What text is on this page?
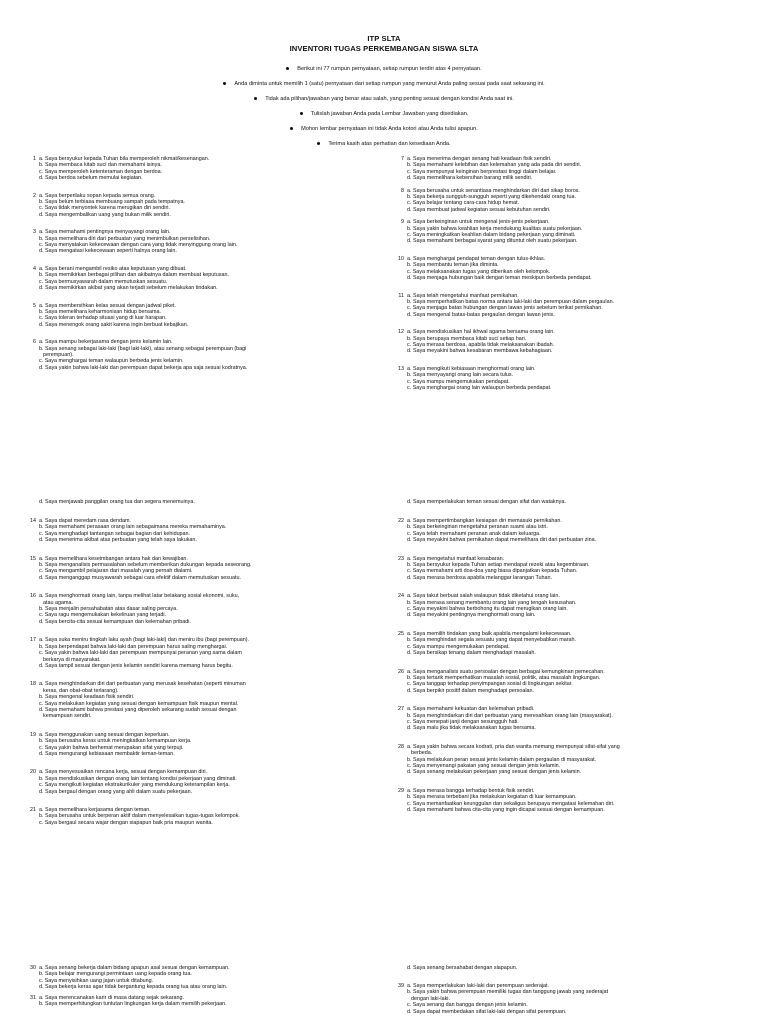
ITP SLTA
INVENTORI TUGAS PERKEMBANGAN SISWA SLTA
Berikut ini 77 rumpun pernyataan, setiap rumpun terdiri atas 4 pernyataan.
Anda diminta untuk memilih 1 (satu) pernyataan dari setiap rumpun yang menurut Anda paling sesuai pada saat sekarang ini.
Tidak ada pilihan/jawaban yang benar atau salah, yang penting sesuai dengan kondisi Anda saat ini.
Tulislah jawaban Anda pada Lembar Jawaban yang disediakan.
Mohon lembar pernyataan ini tidak Anda kotori atau Anda tulisi apapun.
Terima kasih atas perhatian dan kesediaan Anda.
1 a. Saya bersyukur kepada Tuhan bila memperoleh nikmat/kesenangan.
b. Saya membaca kitab suci dan memahami isinya.
c. Saya memperoleh ketenteraman dengan berdoa.
d. Saya berdoa sebelum memulai kegiatan.
2 a. Saya berperilaku sopan kepada semua orang.
b. Saya belum terbiasa membuang sampah pada tempatnya.
c. Saya tidak menyontek karena merugikan diri sendiri.
d. Saya mengembalikan uang yang bukan milik sendiri.
3 a. Saya memahami pentingnya menyayangi orang lain.
b. Saya memelihara diri dari perbuatan yang menimbulkan perselisihan.
c. Saya menyatakan kekecewaan dengan cara yang tidak menyinggung orang lain.
d. Saya mengatasi kekecewaan seperti halnya orang lain.
4 a. Saya berani mengambil resiko atas keputusan yang dibuat.
b. Saya memikirkan berbagai pilihan dan akibatnya dalam membuat keputusan.
c. Saya bermusyawarah dalam memutuskan sesuatu.
d. Saya memikirkan akibat yang akan terjadi sebelum melakukan tindakan.
5 a. Saya membersihkan kelas sesuai dengan jadwal piket.
b. Saya memelihara keharmonisan hidup bersama.
c. Saya toleran terhadap situasi yang di luar harapan.
d. Saya menengok orang sakit karena ingin berbuat kebajikan.
6 a. Saya mampu bekerjasama dengan jenis kelamin lain.
b. Saya senang sebagai laki-laki (bagi laki-laki), atau senang sebagai perempuan (bagi
perempuan).
c. Saya menghargai teman walaupun berbeda jenis kelamin.
d. Saya yakin bahwa laki-laki dan perempuan dapat bekerja apa saja sesuai kodratnya.
7 a. Saya menerima dengan senang hati keadaan fisik sendiri.
b. Saya memahami kelebihan dan kelemahan yang ada pada diri sendiri.
c. Saya mempunyai keinginan berprestasi tinggi dalam belajar.
d. Saya memelihara kebersihan barang milik sendiri.
8 a. Saya berusaha untuk senantiasa menghindarkan diri dari sikap boros.
b. Saya bekerja sungguh-sungguh seperti yang dikehendaki orang tua.
c. Saya belajar tentang cara-cara hidup hemat.
d. Saya membuat jadwal kegiatan sesuai kebutuhan sendiri.
9 a. Saya berkeinginan untuk mengenal jenis-jenis pekerjaan.
b. Saya yakin bahwa keahlian kerja mendukung kualitas suatu pekerjaan.
c. Saya meningkatkan keahlian dalam bidang pekerjaan yang diminati.
d. Saya memahami berbagai syarat yang dituntut oleh suatu pekerjaan.
10 a. Saya menghargai pendapat teman dengan tulus-ikhlas.
b. Saya membantu teman jika diminta.
c. Saya melaksanakan tugas yang diberikan oleh kelompok.
d. Saya menjaga hubungan baik dengan teman meskipun berbeda pendapat.
11 a. Saya telah mengetahui manfaat pernikahan.
b. Saya memperhatikan batas norma antara laki-laki dan perempuan dalam pergaulan.
c. Saya menjaga batas hubungan dengan lawan jenis sebelum terikat pernikahan.
d. Saya mengenal batas-batas pergaulan dengan lawan jenis.
12 a. Saya mendiskusikan hal ikhwal agama bersama orang lain.
b. Saya berupaya membaca kitab suci setiap hari.
c. Saya merasa berdosa, apabila tidak melaksanakan ibadah.
d. Saya meyakini bahwa kesabaran membawa kebahagiaan.
13 a. Saya mengikuti kebiasaan menghormati orang lain.
b. Saya menyayangi orang lain secara tulus.
c. Saya mampu mengemukakan pendapat.
c. Saya menghargai orang lain walaupun berbeda pendapat.
d. Saya menjawab panggilan orang tua dan segera menemuinya.	d. Saya memperlakukan teman sesuai dengan sifat dan wataknya.
14 a. Saya dapat meredam rasa dendam.
b. Saya memahami perasaan orang lain sebagaimana mereka memahaminya.
c. Saya menghadapi tantangan sebagai bagian dari kehidupan.
d. Saya menerima akibat atas perbuatan yang telah saya lakukan.
15 a. Saya memelihara keseimbangan antara hak dan kewajiban.
b. Saya menganalisis permasalahan sebelum memberikan dukungan kepada seseorang.
c. Saya mengambil pelajaran dari masalah yang pernah dialami.
d. Saya menganggap musyawarah sebagai cara efektif dalam memutuskan sesuatu.
16 a. Saya menghormati orang lain, tanpa melihat latar belakang sosial ekonomi, suku,
atau agama.
b. Saya menjalin persahabatan atas dasar saling percaya.
c. Saya ragu mengemukakan kekeliruan yang terjadi.
d. Saya bercita-cita sesuai kemampuan dan kelemahan pribadi.
17 a. Saya suka meniru tingkah laku ayah (bagi laki-laki) dan meniru ibu (bagi perempuan).
b. Saya berpendapat bahwa laki-laki dan perempuan harus saling menghargai.
c. Saya yakin bahwa laki-laki dan perempuan mempunyai peranan yang sama dalam
berkarya di masyarakat.
d. Saya tampil sesuai dengan jenis kelamin sendiri karena memang harus begitu.
18 a. Saya menghindarkan diri dari perbuatan yang merusak kesehatan (seperti minuman
keras, dan obat-obat terlarang).
b. Saya mengenal keadaan fisik sendiri.
c. Saya melakukan kegiatan yang sesuai dengan kemampuan fisik maupun mental.
d. Saya memahami bahwa prestasi yang diperoleh sekarang sudah sesuai dengan
kemampuan sendiri.
19 a. Saya menggunakan uang sesuai dengan keperluan.
b. Saya berusaha keras untuk meningkatkan kemampuan kerja.
c. Saya yakin bahwa berhemat merupakan sifat yang terpuji.
d. Saya mengurangi kebiasaan membaktir teman-teman.
20 a. Saya menyesuaikan rencana kerja, sesuai dengan kemampuan diri.
b. Saya mendiskusikan dengan orang lain tentang kondisi pekerjaan yang diminati.
c. Saya mengikuti kegiatan ekstrakurikuler yang mendukung keterampilan kerja.
d. Saya bergaul dengan orang yang ahli dalam suatu pekerjaan.
21 a. Saya memelihara kerjasama dengan teman.
b. Saya berusaha untuk berperan aktif dalam menyelesaikan tugas-tugas kelompok.
c. Saya bergaul secara wajar dengan siapapun baik pria maupun wanita.
22 a. Saya mempertimbangkan kesiapan diri memasuki pernikahan.
b. Saya berkeinginan mengetahui peranan suami atau istri.
c. Saya telah memahami peranan anak dalam keluarga.
d. Saya meyakini bahwa pernikahan dapat memelihara diri dari perbuatan zina.
23 a. Saya mengetahui manfaat kesabaran.
b. Saya bersyukur kepada Tuhan setiap mendapat rezeki atau kegembiraan.
c. Saya memahami arti doa-doa yang biasa dipanjatkan kepada Tuhan.
d. Saya merasa berdosa apabila melanggar larangan Tuhan.
24 a. Saya takut berbuat salah walaupun tidak diketahui orang lain.
b. Saya merasa senang membantu orang lain yang tengah kesusahan.
c. Saya meyakini bahwa berbohong itu dapat merugikan orang lain.
d. Saya meyakini pentingnya menghormati orang lain.
25 a. Saya memilih tindakan yang baik apabila mengalami kekecewaan.
b. Saya menghindari segala sesuatu yang dapat menyebabkan marah.
c. Saya mampu mengemukakan pendapat.
d. Saya bersikap tenang dalam menghadapi masalah.
26 a. Saya menganalisis suatu persoalan dengan berbagai kemungkinan pemecahan.
b. Saya tertarik memperhatikan masalah sosial, politik, atau masalah lingkungan.
c. Saya tanggap terhadap penyimpangan sosial di lingkungan sekitar.
d. Saya berpikir positif dalam menghadapi persoalan.
27 a. Saya memahami kekuatan dan kelemahan pribadi.
b. Saya menghindarkan diri dari perbuatan yang meresahkan orang lain (masyarakat).
c. Saya menepati janji dengan sesungguh hati.
d. Saya malu jika tidak melaksanakan tugas bersama.
28 a. Saya yakin bahwa secara kodrati, pria dan wanita memang mempunyai sifat-sifat yang
berbeda.
b. Saya melakukan peran sesuai jenis kelamin dalam pergaulan di masyarakat.
c. Saya menyenangi pakaian yang sesuai dengan jenis kelamin.
d. Saya senang melakukan pekerjaan yang sesuai dengan jenis kelamin.
29 a. Saya merasa bangga terhadap bentuk fisik sendiri.
b. Saya merasa terbebani jika melakukan kegiatan di luar kemampuan.
c. Saya memanfaatkan keunggulan dan sekaligus berupaya mengatasi kelemahan diri.
d. Saya memahami bahwa cita-cita yang ingin dicapai sesuai dengan kemampuan.
d. Saya senang bersahabat dengan siapapun.
30 a. Saya senang bekerja dalam bidang apapun asal sesuai dengan kemampuan.
b. Saya belajar mengurangi permintaan uang kepada orang tua.
c. Saya menyisihkan uang jajan untuk ditabung.
d. Saya bekerja keras agar tidak bergantung kepada orang tua atau orang lain.
31 a. Saya merencanakan karir di masa datang sejak sekarang.
b. Saya memperhitungkan tuntutan lingkungan kerja dalam memilih pekerjaan.
39 a. Saya memperlakukan laki-laki dan perempuan sederajat.
b. Saya yakin bahwa perempuan memiliki tugas dan tanggung jawab yang sederajat
dengan laki-laki.
c. Saya senang dan bangga dengan jenis kelamin.
d. Saya dapat membedakan sifat laki-laki dengan sifat perempuan.
